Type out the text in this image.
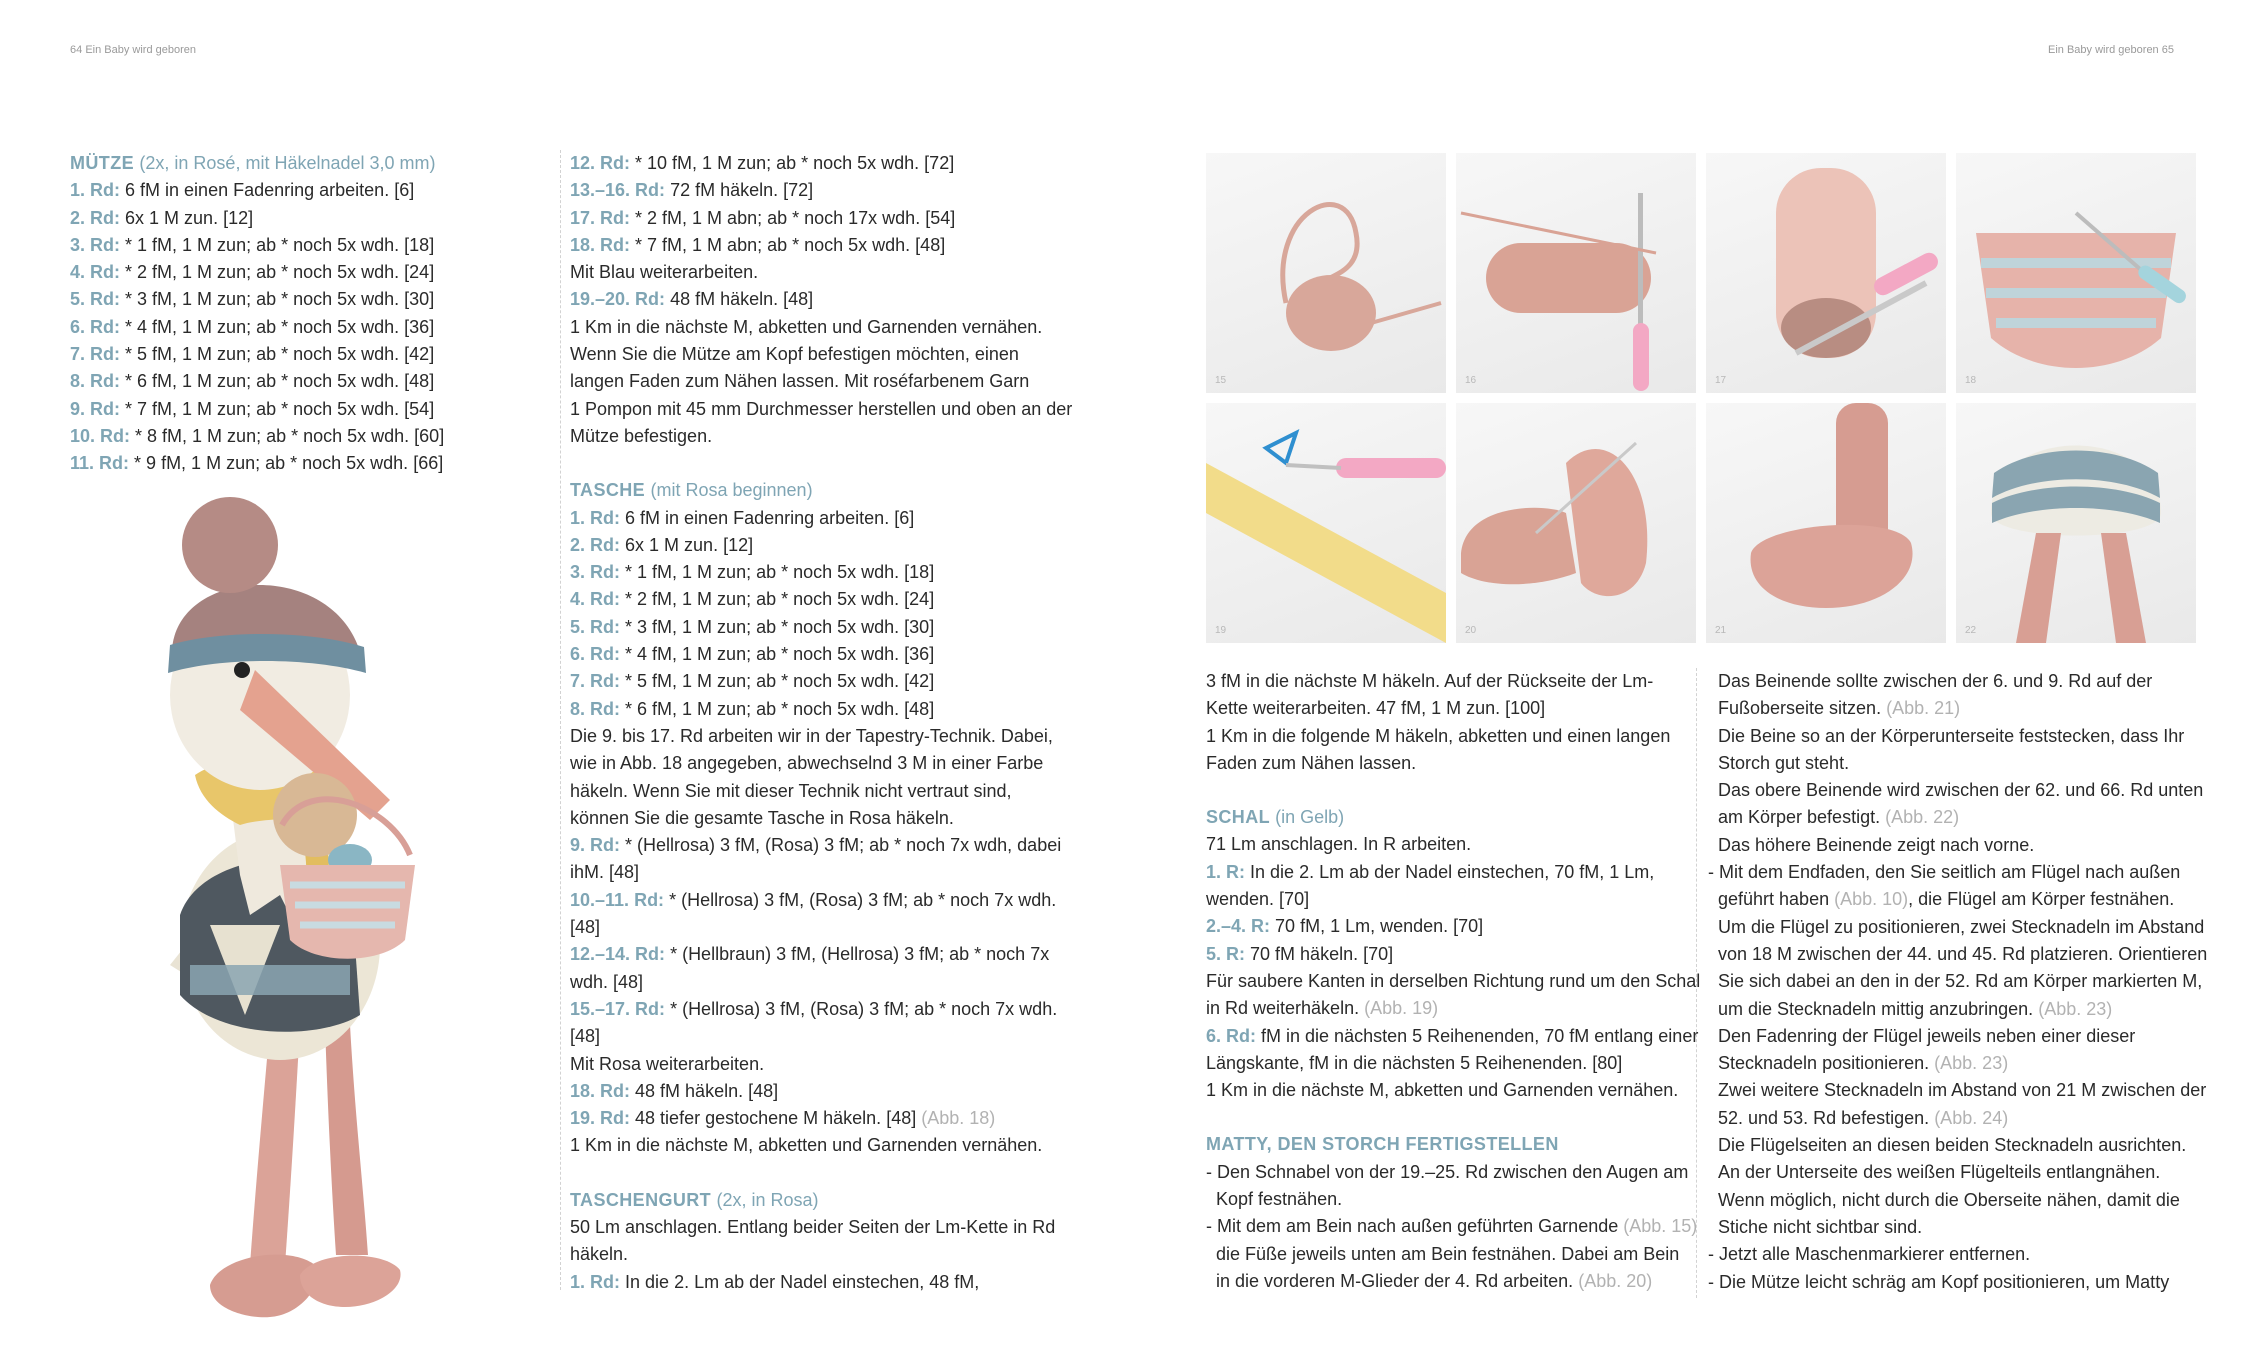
64 Ein Baby wird geboren	Ein Baby wird geboren 65

MÜTZE (2x, in Rosé, mit Häkelnadel 3,0 mm)

1. Rd: 6 fM in einen Fadenring arbeiten. [6]

2. Rd: 6x 1 M zun. [12]

3. Rd: * 1 fM, 1 M zun; ab * noch 5x wdh. [18]

4. Rd: * 2 fM, 1 M zun; ab * noch 5x wdh. [24]

5. Rd: * 3 fM, 1 M zun; ab * noch 5x wdh. [30]

6. Rd: * 4 fM, 1 M zun; ab * noch 5x wdh. [36]

7. Rd: * 5 fM, 1 M zun; ab * noch 5x wdh. [42]

8. Rd: * 6 fM, 1 M zun; ab * noch 5x wdh. [48]

9. Rd: * 7 fM, 1 M zun; ab * noch 5x wdh. [54]

10. Rd: * 8 fM, 1 M zun; ab * noch 5x wdh. [60]

11. Rd: * 9 fM, 1 M zun; ab * noch 5x wdh. [66]

12. Rd: * 10 fM, 1 M zun; ab * noch 5x wdh. [72]

13.–16. Rd: 72 fM häkeln. [72]

17. Rd: * 2 fM, 1 M abn; ab * noch 17x wdh. [54]

18. Rd: * 7 fM, 1 M abn; ab * noch 5x wdh. [48]

Mit Blau weiterarbeiten.

19.–20. Rd: 48 fM häkeln. [48]

1 Km in die nächste M, abketten und Garnenden vernähen.

Wenn Sie die Mütze am Kopf befestigen möchten, einen

langen Faden zum Nähen lassen. Mit roséfarbenem Garn

1 Pompon mit 45 mm Durchmesser herstellen und oben an der

Mütze befestigen.

TASCHE (mit Rosa beginnen)

1. Rd: 6 fM in einen Fadenring arbeiten. [6]

2. Rd: 6x 1 M zun. [12]

3. Rd: * 1 fM, 1 M zun; ab * noch 5x wdh. [18]

4. Rd: * 2 fM, 1 M zun; ab * noch 5x wdh. [24]

5. Rd: * 3 fM, 1 M zun; ab * noch 5x wdh. [30]

6. Rd: * 4 fM, 1 M zun; ab * noch 5x wdh. [36]

7. Rd: * 5 fM, 1 M zun; ab * noch 5x wdh. [42]

8. Rd: * 6 fM, 1 M zun; ab * noch 5x wdh. [48]

Die 9. bis 17. Rd arbeiten wir in der Tapestry-Technik. Dabei,

wie in Abb. 18 angegeben, abwechselnd 3 M in einer Farbe

häkeln. Wenn Sie mit dieser Technik nicht vertraut sind,

können Sie die gesamte Tasche in Rosa häkeln.

9. Rd: * (Hellrosa) 3 fM, (Rosa) 3 fM; ab * noch 7x wdh, dabei

ihM. [48]

10.–11. Rd: * (Hellrosa) 3 fM, (Rosa) 3 fM; ab * noch 7x wdh.

[48]

12.–14. Rd: * (Hellbraun) 3 fM, (Hellrosa) 3 fM; ab * noch 7x

wdh. [48]

15.–17. Rd: * (Hellrosa) 3 fM, (Rosa) 3 fM; ab * noch 7x wdh.

[48]

Mit Rosa weiterarbeiten.

18. Rd: 48 fM häkeln. [48]

19. Rd: 48 tiefer gestochene M häkeln. [48] (Abb. 18)

1 Km in die nächste M, abketten und Garnenden vernähen.

TASCHENGURT (2x, in Rosa)

50 Lm anschlagen. Entlang beider Seiten der Lm-Kette in Rd

häkeln.

1. Rd: In die 2. Lm ab der Nadel einstechen, 48 fM,

15	16	17	18
19	20	21	22

3 fM in die nächste M häkeln. Auf der Rückseite der Lm-

Kette weiterarbeiten. 47 fM, 1 M zun. [100]

1 Km in die folgende M häkeln, abketten und einen langen

Faden zum Nähen lassen.

SCHAL (in Gelb)

71 Lm anschlagen. In R arbeiten.

1. R: In die 2. Lm ab der Nadel einstechen, 70 fM, 1 Lm,

wenden. [70]

2.–4. R: 70 fM, 1 Lm, wenden. [70]

5. R: 70 fM häkeln. [70]

Für saubere Kanten in derselben Richtung rund um den Schal

in Rd weiterhäkeln. (Abb. 19)

6. Rd: fM in die nächsten 5 Reihenenden, 70 fM entlang einer

Längskante, fM in die nächsten 5 Reihenenden. [80]

1 Km in die nächste M, abketten und Garnenden vernähen.

MATTY, DEN STORCH FERTIGSTELLEN

- Den Schnabel von der 19.–25. Rd zwischen den Augen am

Kopf festnähen.

- Mit dem am Bein nach außen geführten Garnende (Abb. 15)

die Füße jeweils unten am Bein festnähen. Dabei am Bein

in die vorderen M-Glieder der 4. Rd arbeiten. (Abb. 20)

Das Beinende sollte zwischen der 6. und 9. Rd auf der

Fußoberseite sitzen. (Abb. 21)

Die Beine so an der Körperunterseite feststecken, dass Ihr

Storch gut steht.

Das obere Beinende wird zwischen der 62. und 66. Rd unten

am Körper befestigt. (Abb. 22)

Das höhere Beinende zeigt nach vorne.

- Mit dem Endfaden, den Sie seitlich am Flügel nach außen

geführt haben (Abb. 10), die Flügel am Körper festnähen.

Um die Flügel zu positionieren, zwei Stecknadeln im Abstand

von 18 M zwischen der 44. und 45. Rd platzieren. Orientieren

Sie sich dabei an den in der 52. Rd am Körper markierten M,

um die Stecknadeln mittig anzubringen. (Abb. 23)

Den Fadenring der Flügel jeweils neben einer dieser

Stecknadeln positionieren. (Abb. 23)

Zwei weitere Stecknadeln im Abstand von 21 M zwischen der

52. und 53. Rd befestigen. (Abb. 24)

Die Flügelseiten an diesen beiden Stecknadeln ausrichten.

An der Unterseite des weißen Flügelteils entlangnähen.

Wenn möglich, nicht durch die Oberseite nähen, damit die

Stiche nicht sichtbar sind.

- Jetzt alle Maschenmarkierer entfernen.

- Die Mütze leicht schräg am Kopf positionieren, um Matty
